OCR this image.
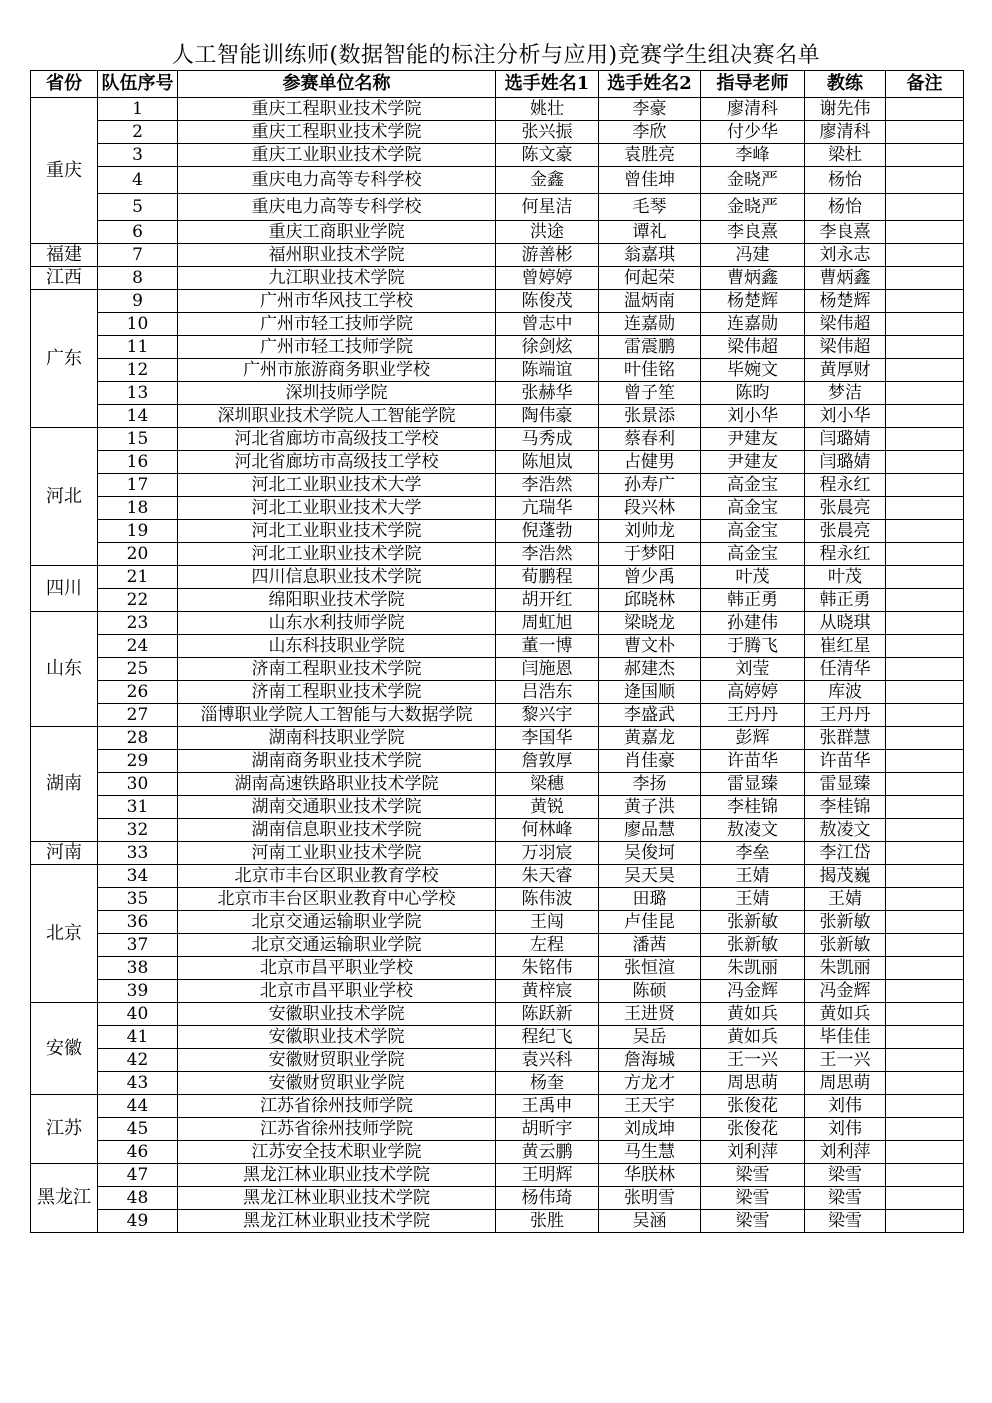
人工智能训练师(数据智能的标注分析与应用)竞赛学生组决赛名单
省份	队伍序号	参赛单位名称	选手姓名1	选手姓名2	指导老师	教练	备注
重庆	1	重庆工程职业技术学院	姚壮	李豪	廖清科	谢先伟	
	2	重庆工程职业技术学院	张兴振	李欣	付少华	廖清科	
	3	重庆工业职业技术学院	陈文豪	袁胜亮	李峰	梁杜	
	4	重庆电力高等专科学校	金鑫	曾佳坤	金晓严	杨怡	
	5	重庆电力高等专科学校	何星洁	毛琴	金晓严	杨怡	
	6	重庆工商职业学院	洪途	谭礼	李良熹	李良熹	
福建	7	福州职业技术学院	游善彬	翁嘉琪	冯建	刘永志	
江西	8	九江职业技术学院	曾婷婷	何起荣	曹炳鑫	曹炳鑫	
广东	9	广州市华风技工学校	陈俊茂	温炳南	杨楚辉	杨楚辉	
	10	广州市轻工技师学院	曾志中	连嘉勋	连嘉勋	梁伟超	
	11	广州市轻工技师学院	徐剑炫	雷震鹏	梁伟超	梁伟超	
	12	广州市旅游商务职业学校	陈端谊	叶佳铭	毕婉文	黄厚财	
	13	深圳技师学院	张赫华	曾子笙	陈昀	梦洁	
	14	深圳职业技术学院人工智能学院	陶伟豪	张景添	刘小华	刘小华	
河北	15	河北省廊坊市高级技工学校	马秀成	蔡春利	尹建友	闫璐婧	
	16	河北省廊坊市高级技工学校	陈旭岚	占健男	尹建友	闫璐婧	
	17	河北工业职业技术大学	李浩然	孙寿广	高金宝	程永红	
	18	河北工业职业技术大学	亢瑞华	段兴林	高金宝	张晨亮	
	19	河北工业职业技术学院	倪蓬勃	刘帅龙	高金宝	张晨亮	
	20	河北工业职业技术学院	李浩然	于梦阳	高金宝	程永红	
四川	21	四川信息职业技术学院	荀鹏程	曾少禹	叶茂	叶茂	
	22	绵阳职业技术学院	胡开红	邱晓林	韩正勇	韩正勇	
山东	23	山东水利技师学院	周虹旭	梁晓龙	孙建伟	从晓琪	
	24	山东科技职业学院	董一博	曹文朴	于腾飞	崔红星	
	25	济南工程职业技术学院	闫施恩	郝建杰	刘莹	任清华	
	26	济南工程职业技术学院	吕浩东	逄国顺	高婷婷	库波	
	27	淄博职业学院人工智能与大数据学院	黎兴宇	李盛武	王丹丹	王丹丹	
湖南	28	湖南科技职业学院	李国华	黄嘉龙	彭辉	张群慧	
	29	湖南商务职业技术学院	詹敦厚	肖佳豪	许苗华	许苗华	
	30	湖南高速铁路职业技术学院	梁穗	李扬	雷显臻	雷显臻	
	31	湖南交通职业技术学院	黄锐	黄子洪	李桂锦	李桂锦	
	32	湖南信息职业技术学院	何林峰	廖品慧	敖凌文	敖凌文	
河南	33	河南工业职业技术学院	万羽宸	吴俊坷	李垒	李江岱	
北京	34	北京市丰台区职业教育学校	朱天睿	吴天昊	王婧	揭茂巍	
	35	北京市丰台区职业教育中心学校	陈伟波	田璐	王婧	王婧	
	36	北京交通运输职业学院	王闯	卢佳昆	张新敏	张新敏	
	37	北京交通运输职业学院	左程	潘茜	张新敏	张新敏	
	38	北京市昌平职业学校	朱铭伟	张恒渲	朱凯丽	朱凯丽	
	39	北京市昌平职业学校	黄梓宸	陈硕	冯金辉	冯金辉	
安徽	40	安徽职业技术学院	陈跃新	王进贤	黄如兵	黄如兵	
	41	安徽职业技术学院	程纪飞	吴岳	黄如兵	毕佳佳	
	42	安徽财贸职业学院	袁兴科	詹海城	王一兴	王一兴	
	43	安徽财贸职业学院	杨奎	方龙才	周思萌	周思萌	
江苏	44	江苏省徐州技师学院	王禹申	王天宇	张俊花	刘伟	
	45	江苏省徐州技师学院	胡昕宇	刘成坤	张俊花	刘伟	
	46	江苏安全技术职业学院	黄云鹏	马生慧	刘利萍	刘利萍	
黑龙江	47	黑龙江林业职业技术学院	王明辉	华朕林	梁雪	梁雪	
	48	黑龙江林业职业技术学院	杨伟琦	张明雪	梁雪	梁雪	
	49	黑龙江林业职业技术学院	张胜	吴涵	梁雪	梁雪	
